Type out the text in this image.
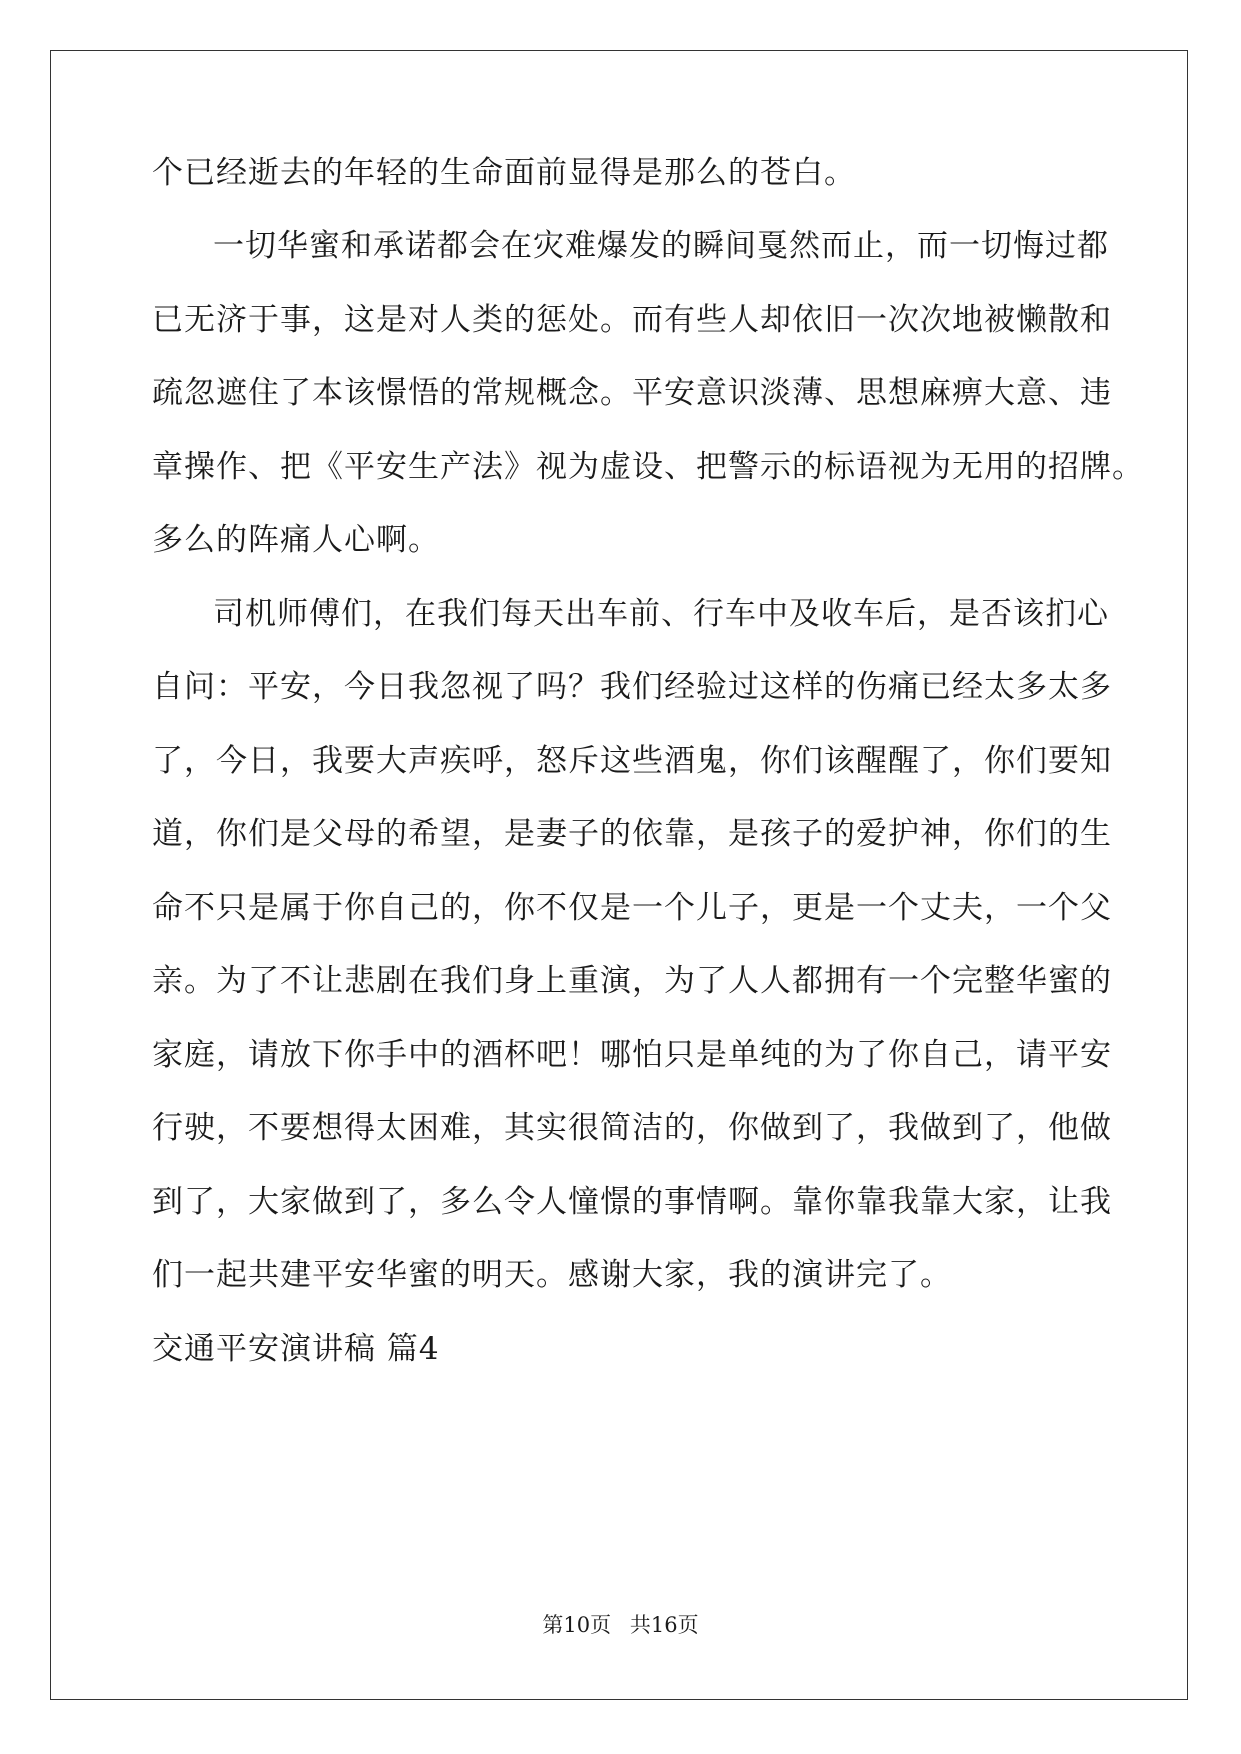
个已经逝去的年轻的生命面前显得是那么的苍白。
一切华蜜和承诺都会在灾难爆发的瞬间戛然而止，而一切悔过都
已无济于事，这是对人类的惩处。而有些人却依旧一次次地被懒散和
疏忽遮住了本该憬悟的常规概念。平安意识淡薄、思想麻痹大意、违
章操作、把《平安生产法》视为虚设、把警示的标语视为无用的招牌。
多么的阵痛人心啊。
司机师傅们，在我们每天出车前、行车中及收车后，是否该扪心
自问：平安，今日我忽视了吗？我们经验过这样的伤痛已经太多太多
了，今日，我要大声疾呼，怒斥这些酒鬼，你们该醒醒了，你们要知
道，你们是父母的希望，是妻子的依靠，是孩子的爱护神，你们的生
命不只是属于你自己的，你不仅是一个儿子，更是一个丈夫，一个父
亲。为了不让悲剧在我们身上重演，为了人人都拥有一个完整华蜜的
家庭，请放下你手中的酒杯吧！哪怕只是单纯的为了你自己，请平安
行驶，不要想得太困难，其实很简洁的，你做到了，我做到了，他做
到了，大家做到了，多么令人憧憬的事情啊。靠你靠我靠大家，让我
们一起共建平安华蜜的明天。感谢大家，我的演讲完了。
交通平安演讲稿 篇4
第10页 共16页
